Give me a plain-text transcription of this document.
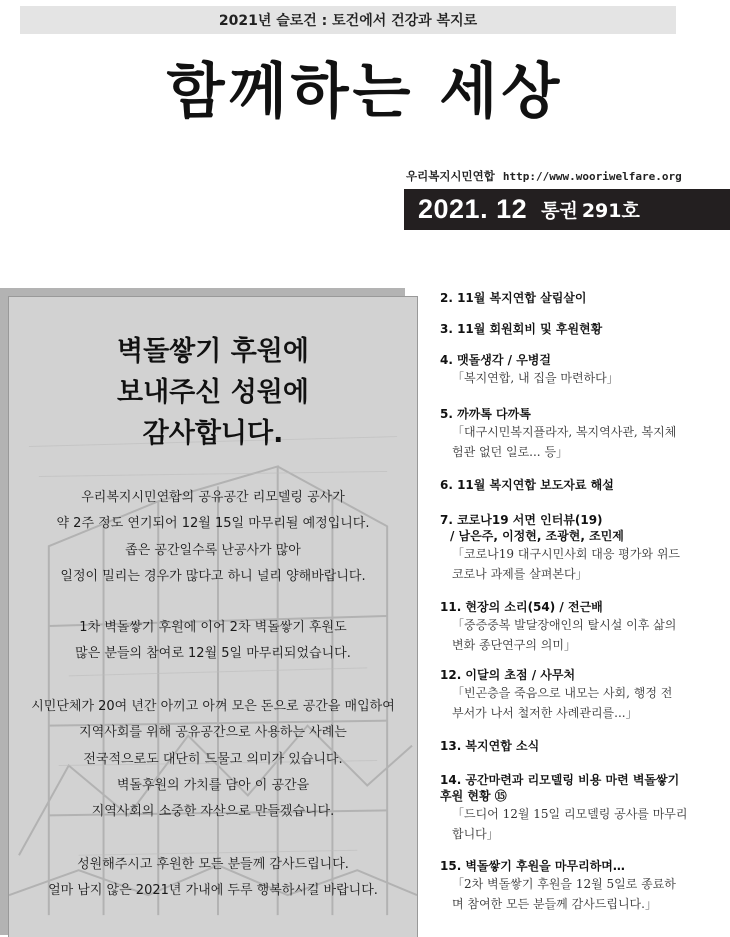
2021년 슬로건 : 토건에서 건강과 복지로
함께하는 세상
우리복지시민연합 http://www.wooriwelfare.org
2021. 12 통권 291호
벽돌쌓기 후원에
보내주신 성원에
감사합니다.
우리복지시민연합의 공유공간 리모델링 공사가
약 2주 정도 연기되어 12월 15일 마무리될 예정입니다.
좁은 공간일수록 난공사가 많아
일정이 밀리는 경우가 많다고 하니 널리 양해바랍니다.
1차 벽돌쌓기 후원에 이어 2차 벽돌쌓기 후원도
많은 분들의 참여로 12월 5일 마무리되었습니다.
시민단체가 20여 년간 아끼고 아껴 모은 돈으로 공간을 매입하여
지역사회를 위해 공유공간으로 사용하는 사례는
전국적으로도 대단히 드물고 의미가 있습니다.
벽돌후원의 가치를 담아 이 공간을
지역사회의 소중한 자산으로 만들겠습니다.
성원해주시고 후원한 모든 분들께 감사드립니다.
얼마 남지 않은 2021년 가내에 두루 행복하시길 바랍니다.
2. 11월 복지연합 살림살이
3. 11월 회원회비 및 후원현황
4. 맷돌생각 / 우병걸
「복지연합, 내 집을 마련하다」
5. 까까톡 다까톡
「대구시민복지플라자, 복지역사관, 복지체
험관 없던 일로... 등」
6. 11월 복지연합 보도자료 해설
7. 코로나19 서면 인터뷰(19)
/ 남은주, 이정현, 조광현, 조민제
「코로나19 대구시민사회 대응 평가와 위드
코로나 과제를 살펴본다」
11. 현장의 소리(54) / 전근배
「중증중복 발달장애인의 탈시설 이후 삶의
변화 종단연구의 의미」
12. 이달의 초점 / 사무처
「빈곤층을 죽음으로 내모는 사회, 행정 전
부서가 나서 철저한 사례관리를...」
13. 복지연합 소식
14. 공간마련과 리모델링 비용 마련 벽돌쌓기
후원 현황 ⑮
「드디어 12월 15일 리모델링 공사를 마무리
합니다」
15. 벽돌쌓기 후원을 마무리하며…
「2차 벽돌쌓기 후원을 12월 5일로 종료하
며 참여한 모든 분들께 감사드립니다.」
